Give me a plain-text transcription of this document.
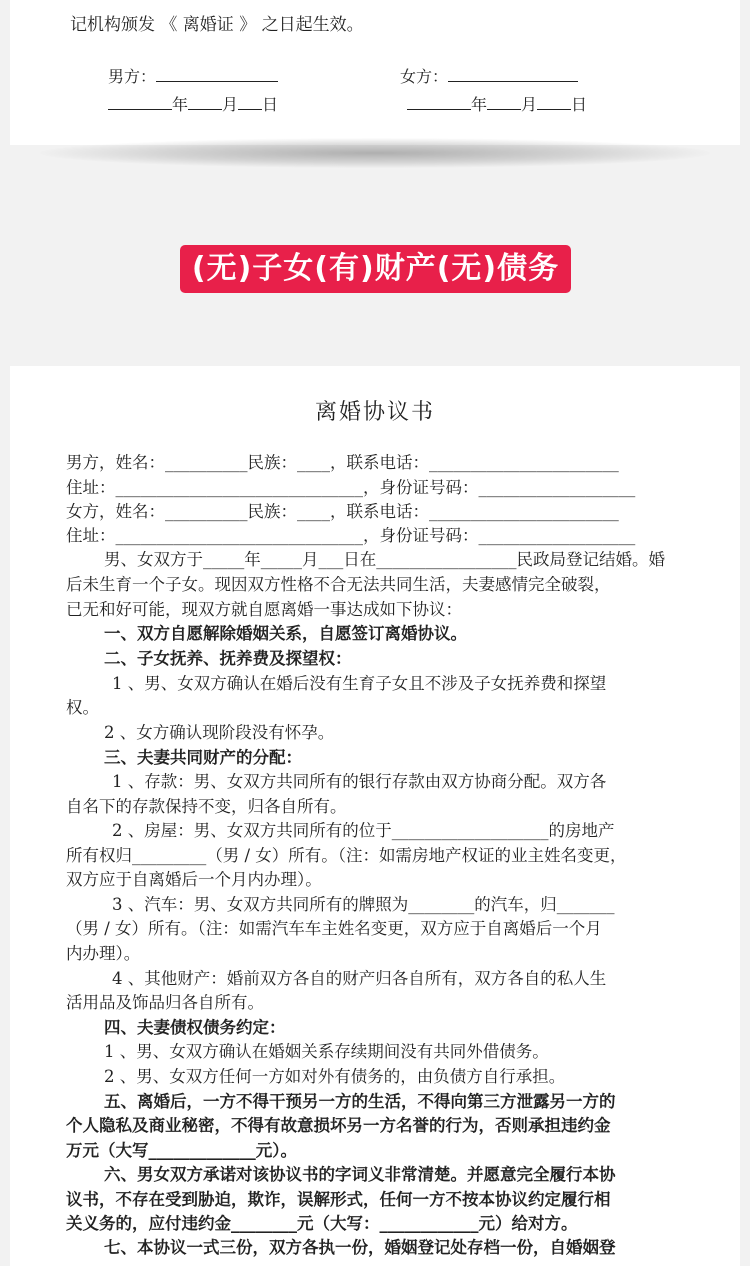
记机构颁发 《 离婚证 》 之日起生效。
男方：	女方：
年 月 日	年 月 日
(无)子女(有)财产(无)债务
离婚协议书
男方，姓名：__________民族：____，联系电话：_______________________
住址：______________________________，身份证号码：___________________
女方，姓名：__________民族：____，联系电话：_______________________
住址：______________________________，身份证号码：___________________
男、女双方于_____年_____月___日在_________________民政局登记结婚。婚
后未生育一个子女。现因双方性格不合无法共同生活，夫妻感情完全破裂，
已无和好可能，现双方就自愿离婚一事达成如下协议：
一、双方自愿解除婚姻关系，自愿签订离婚协议。
二、子女抚养、抚养费及探望权：
1 、男、女双方确认在婚后没有生育子女且不涉及子女抚养费和探望
权。
2 、女方确认现阶段没有怀孕。
三、夫妻共同财产的分配：
1 、存款：男、女双方共同所有的银行存款由双方协商分配。双方各
自名下的存款保持不变，归各自所有。
2 、房屋：男、女双方共同所有的位于___________________的房地产
所有权归_________（男 / 女）所有。（注：如需房地产权证的业主姓名变更，
双方应于自离婚后一个月内办理）。
3 、汽车：男、女双方共同所有的牌照为________的汽车，归_______
（男 / 女）所有。（注：如需汽车车主姓名变更，双方应于自离婚后一个月
内办理）。
4 、其他财产：婚前双方各自的财产归各自所有，双方各自的私人生
活用品及饰品归各自所有。
四、夫妻债权债务约定：
1 、男、女双方确认在婚姻关系存续期间没有共同外借债务。
2 、男、女双方任何一方如对外有债务的，由负债方自行承担。
五、离婚后，一方不得干预另一方的生活，不得向第三方泄露另一方的
个人隐私及商业秘密，不得有故意损坏另一方名誉的行为，否则承担违约金
万元（大写_____________元）。
六、男女双方承诺对该协议书的字词义非常清楚。并愿意完全履行本协
议书，不存在受到胁迫，欺诈，误解形式，任何一方不按本协议约定履行相
关义务的，应付违约金________元（大写：____________元）给对方。
七、本协议一式三份，双方各执一份，婚姻登记处存档一份，自婚姻登
